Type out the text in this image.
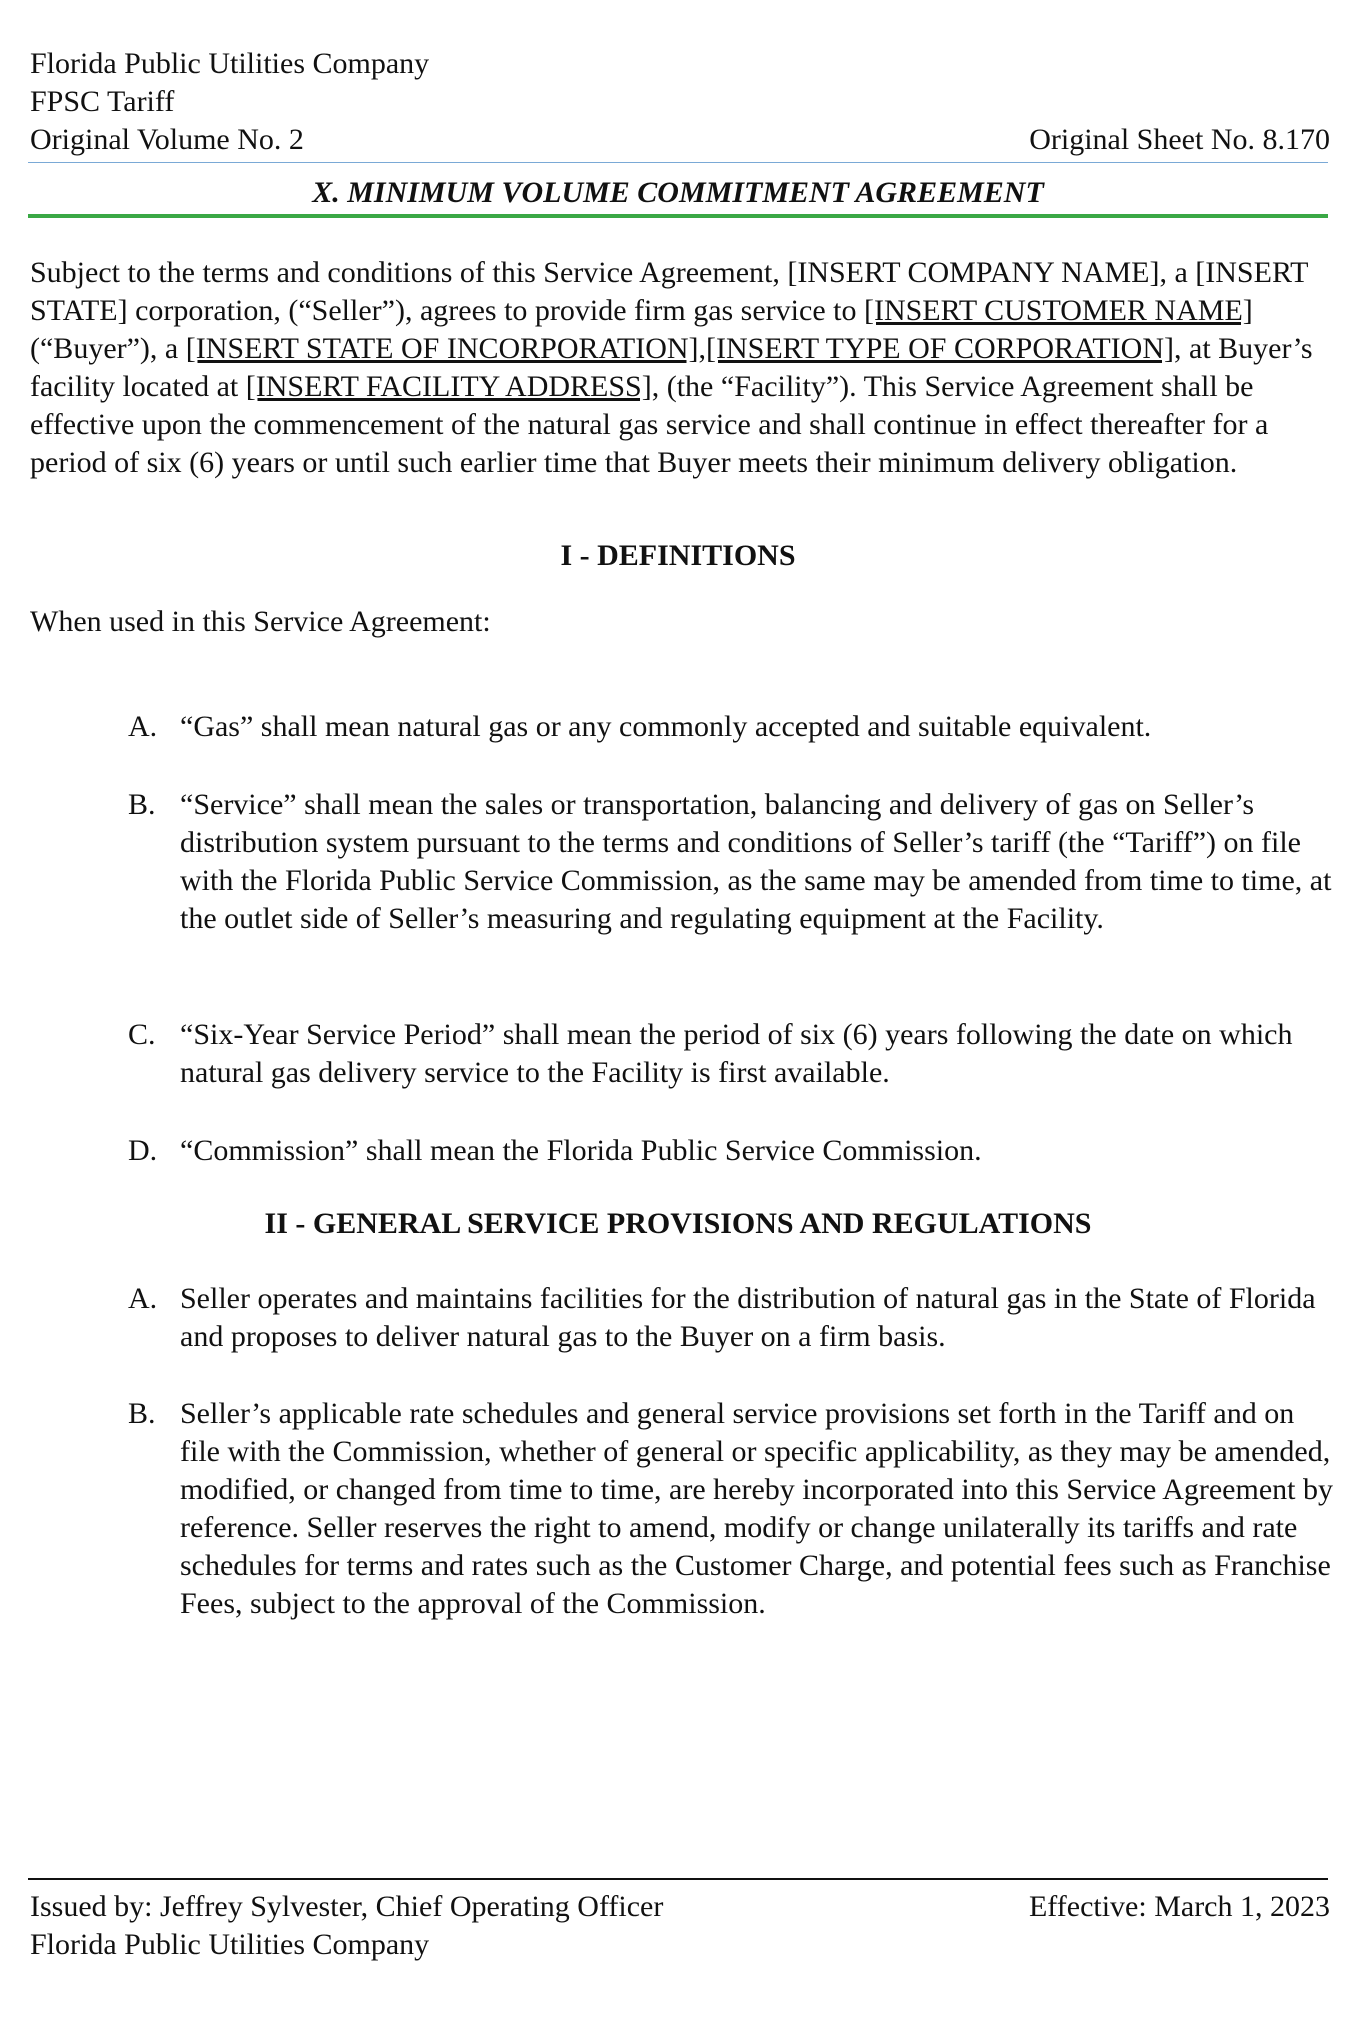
Florida Public Utilities Company
FPSC Tariff
Original Volume No. 2	Original Sheet No. 8.170
X. MINIMUM VOLUME COMMITMENT AGREEMENT
Subject to the terms and conditions of this Service Agreement, [INSERT COMPANY NAME], a [INSERT STATE] corporation, (“Seller”), agrees to provide firm gas service to [INSERT CUSTOMER NAME] (“Buyer”), a [INSERT STATE OF INCORPORATION],[INSERT TYPE OF CORPORATION], at Buyer’s facility located at [INSERT FACILITY ADDRESS], (the “Facility”). This Service Agreement shall be effective upon the commencement of the natural gas service and shall continue in effect thereafter for a period of six (6) years or until such earlier time that Buyer meets their minimum delivery obligation.
I - DEFINITIONS
When used in this Service Agreement:
A. “Gas” shall mean natural gas or any commonly accepted and suitable equivalent.
B. “Service” shall mean the sales or transportation, balancing and delivery of gas on Seller’s distribution system pursuant to the terms and conditions of Seller’s tariff (the “Tariff”) on file with the Florida Public Service Commission, as the same may be amended from time to time, at the outlet side of Seller’s measuring and regulating equipment at the Facility.
C. “Six-Year Service Period” shall mean the period of six (6) years following the date on which natural gas delivery service to the Facility is first available.
D. “Commission” shall mean the Florida Public Service Commission.
II - GENERAL SERVICE PROVISIONS AND REGULATIONS
A. Seller operates and maintains facilities for the distribution of natural gas in the State of Florida and proposes to deliver natural gas to the Buyer on a firm basis.
B. Seller’s applicable rate schedules and general service provisions set forth in the Tariff and on file with the Commission, whether of general or specific applicability, as they may be amended, modified, or changed from time to time, are hereby incorporated into this Service Agreement by reference. Seller reserves the right to amend, modify or change unilaterally its tariffs and rate schedules for terms and rates such as the Customer Charge, and potential fees such as Franchise Fees, subject to the approval of the Commission.
Issued by: Jeffrey Sylvester, Chief Operating Officer
Florida Public Utilities Company
Effective: March 1, 2023
